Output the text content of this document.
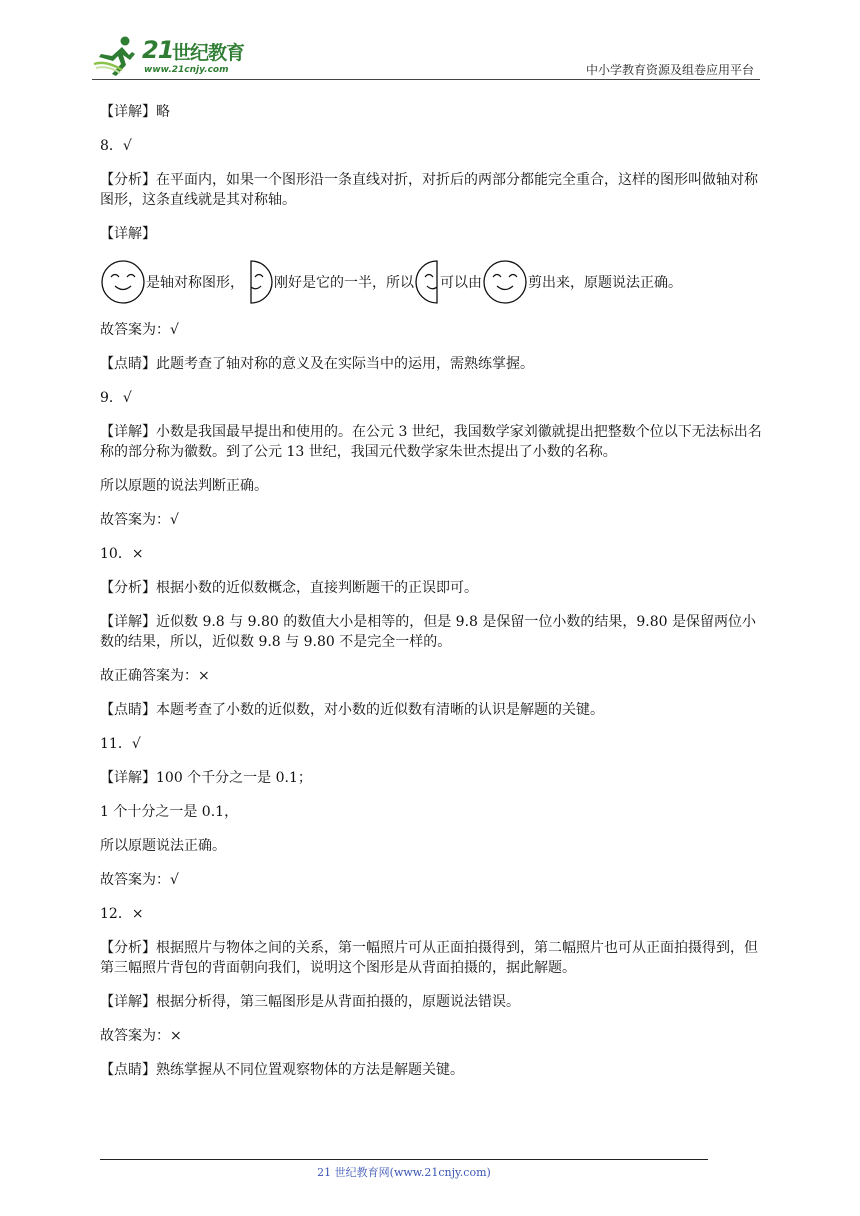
21
世纪教育
www.21cnjy.com	中小学教育资源及组卷应用平台
【详解】略
8．√
【分析】在平面内，如果一个图形沿一条直线对折，对折后的两部分都能完全重合，这样的图形叫做轴对称图形，这条直线就是其对称轴。
【详解】
是轴对称图形， 刚好是它的一半，所以 可以由	剪出来，原题说法正确。
故答案为：√
【点睛】此题考查了轴对称的意义及在实际当中的运用，需熟练掌握。
9．√

【详解】小数是我国最早提出和使用的。在公元 3 世纪，我国数学家刘徽就提出把整数个位以下无法标出名称的部分称为徽数。到了公元 13 世纪，我国元代数学家朱世杰提出了小数的名称。

所以原题的说法判断正确。

故答案为：√
10．×
【分析】根据小数的近似数概念，直接判断题干的正误即可。
【详解】近似数 9.8 与 9.80 的数值大小是相等的，但是 9.8 是保留一位小数的结果，9.80 是保留两位小数的结果，所以，近似数 9.8 与 9.80 不是完全一样的。
故正确答案为：×
【点睛】本题考查了小数的近似数，对小数的近似数有清晰的认识是解题的关键。
11．√
【详解】100 个千分之一是 0.1；
1 个十分之一是 0.1，
所以原题说法正确。
故答案为：√
12．×
【分析】根据照片与物体之间的关系，第一幅照片可从正面拍摄得到，第二幅照片也可从正面拍摄得到，但第三幅照片背包的背面朝向我们，说明这个图形是从背面拍摄的，据此解题。
【详解】根据分析得，第三幅图形是从背面拍摄的，原题说法错误。
故答案为：×
【点睛】熟练掌握从不同位置观察物体的方法是解题关键。
21 世纪教育网(www.21cnjy.com)
